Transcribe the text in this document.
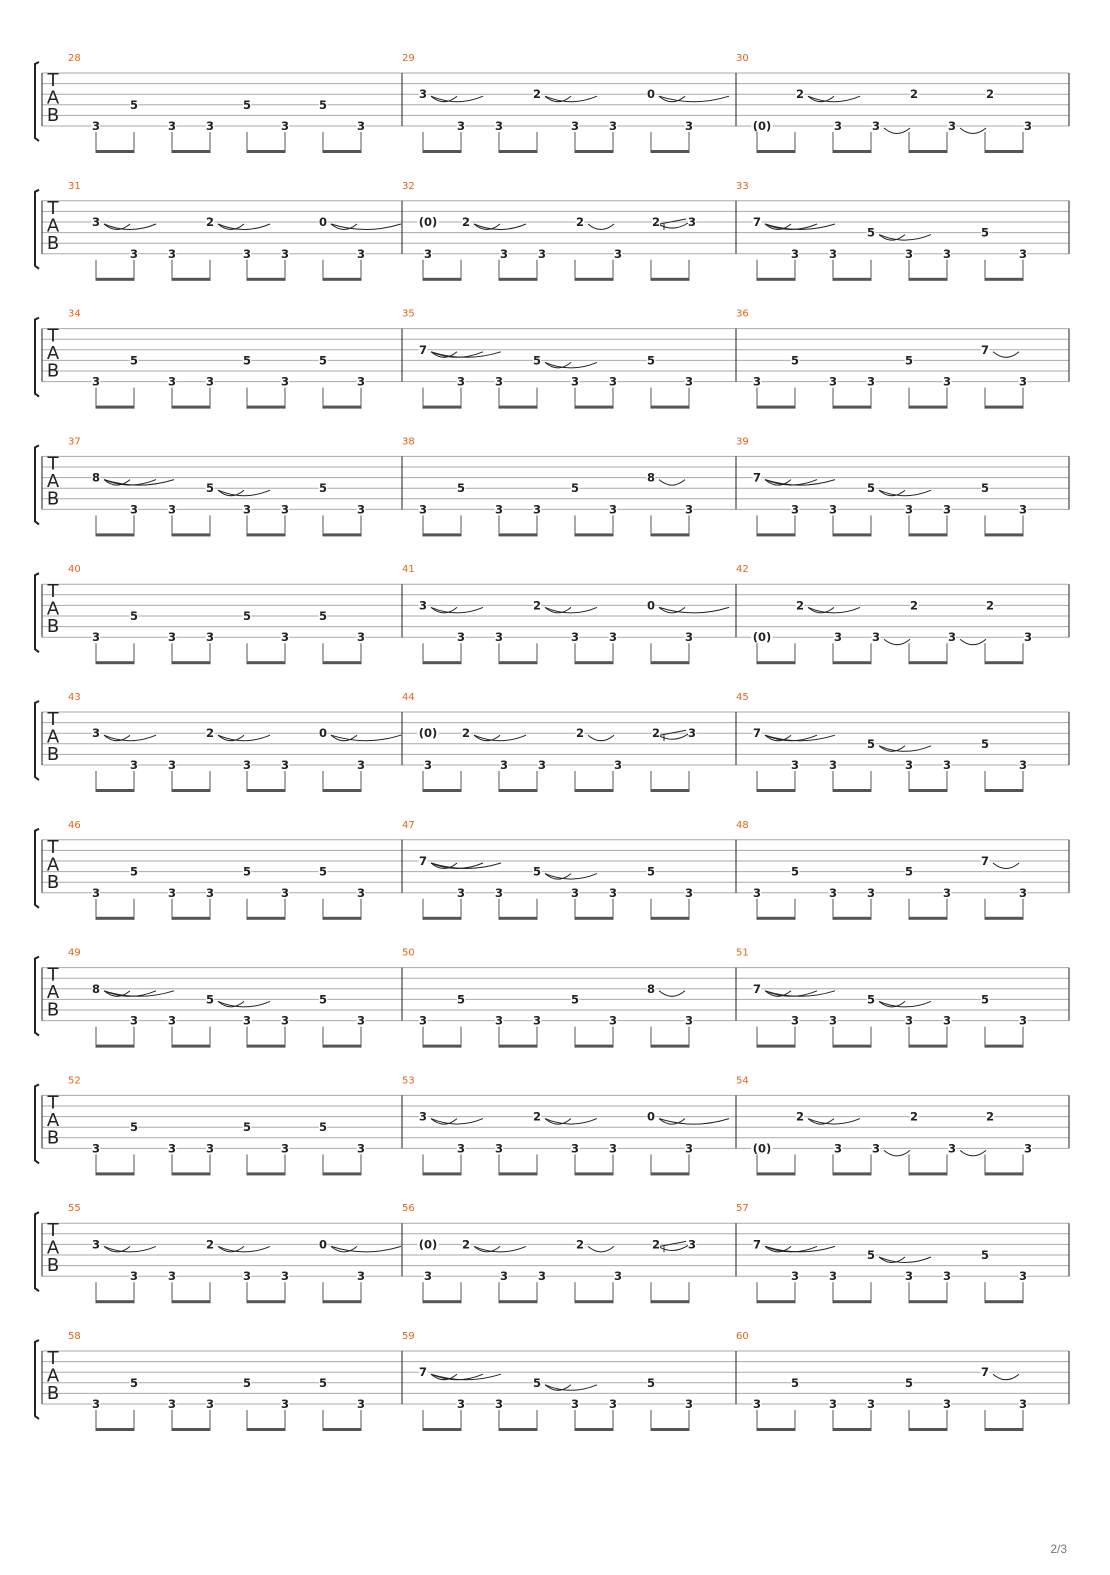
T
A
B
28
3
5
3	3
5
3
5
3
29
3
3	3
2
3	3
0
3
30
(0)
2
3	3
2
3
2
3
T
A
B
31
3
3	3
2
3	3
0
3
32
(0) 2
3	3
2
3
2
3
3
33
7
3	3
5
3	3
5
3
T
A
B
34
3
5
3	3
5
3
5
3
35
7
3	3
5
3	3
5
3
36
3
5
3	3
5
3
7
3
T
A
B
37
8
3	3
5
3	3
5
3
38
3
5
3	3
5
3
8
3
39
7
3	3
5
3	3
5
3
T
A
B
40
3
5
3	3
5
3
5
3
41
3
3	3
2
3	3
0
3
42
(0)
2
3	3
2
3
2
3
T
A
B
43
3
3	3
2
3	3
0
3
44
(0) 2
3	3
2
3
2
3
3
45
7
3	3
5
3	3
5
3
T
A
B
46
3
5
3	3
5
3
5
3
47
7
3	3
5
3	3
5
3
48
3
5
3	3
5
3
7
3
T
A
B
49
8
3	3
5
3	3
5
3
50
3
5
3	3
5
3
8
3
51
7
3	3
5
3	3
5
3
T
A
B
52
3
5
3	3
5
3
5
3
53
3
3	3
2
3	3
0
3
54
(0)
2
3	3
2
3
2
3
T
A
B
55
3
3	3
2
3	3
0
3
56
(0) 2
3	3
2
3
2
3
3
57
7
3	3
5
3	3
5
3
T
A
B
58
3
5
3	3
5
3
5
3
59
7
3	3
5
3	3
5
3
60
3
5
3	3
5
3
7
3
2/3
